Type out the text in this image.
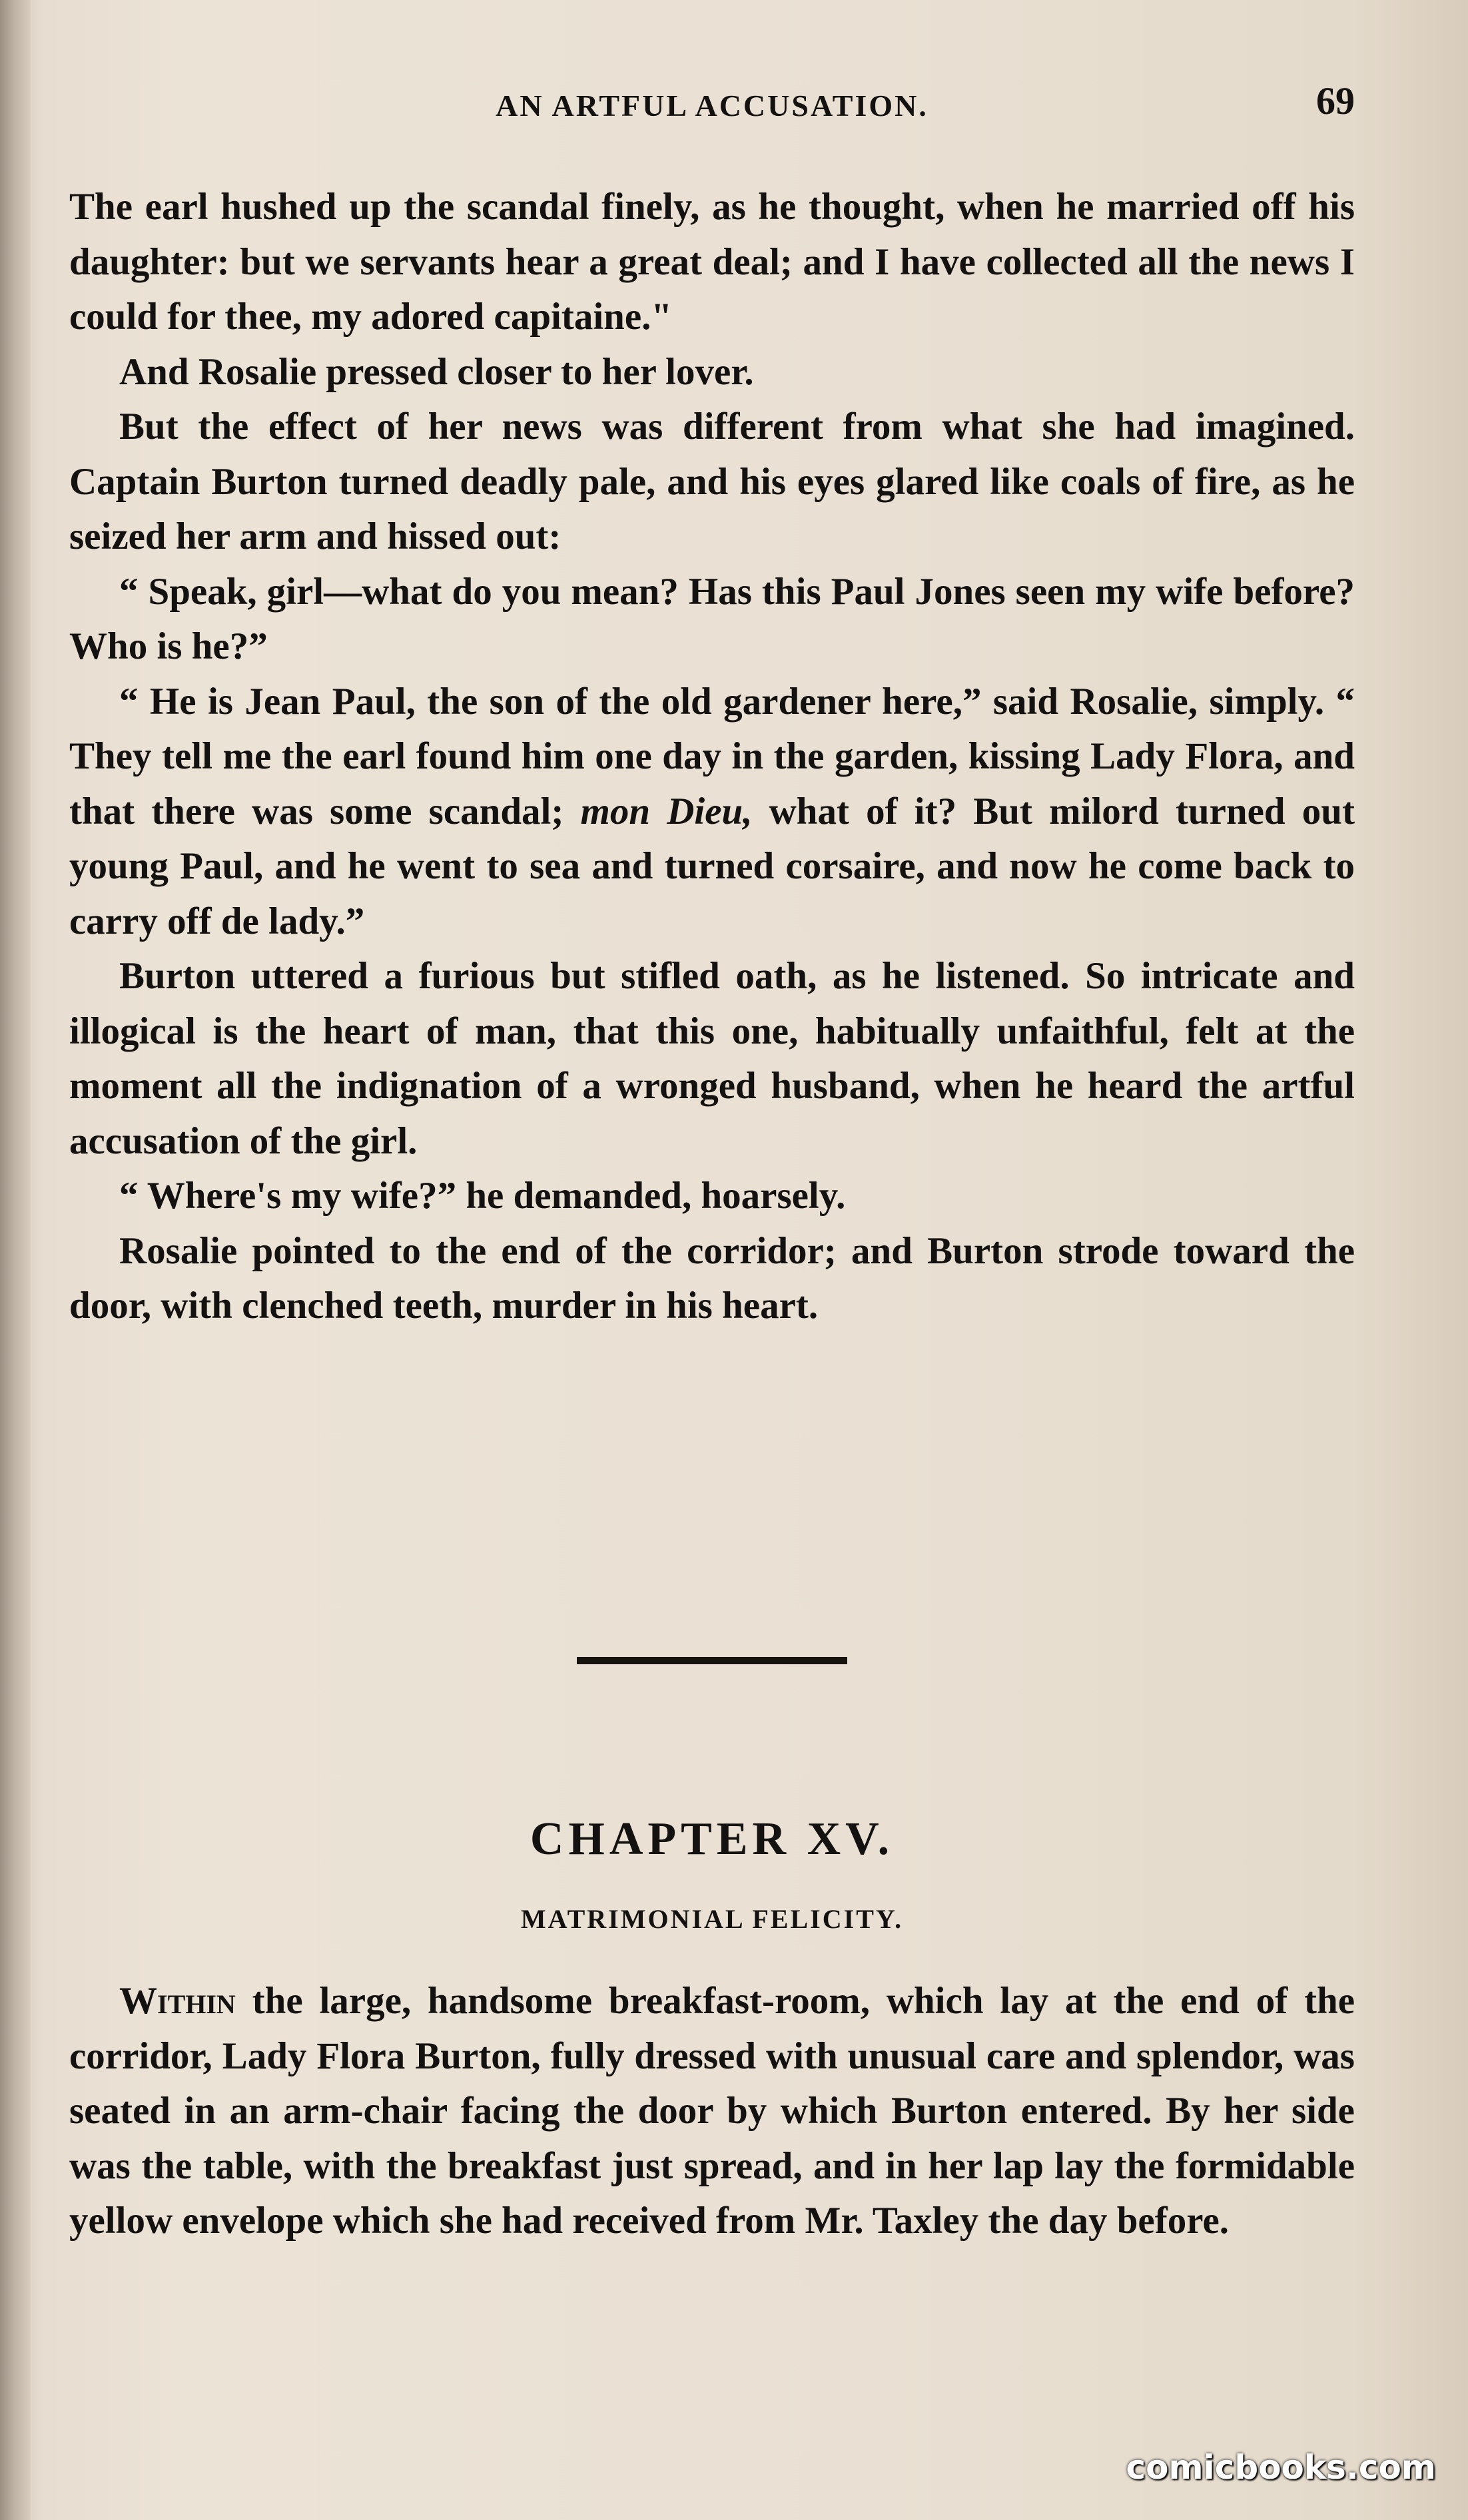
AN ARTFUL ACCUSATION.	69

The earl hushed up the scandal finely, as he thought, when he married off his daughter: but we servants hear a great deal; and I have collected all the news I could for thee, my adored capitaine."

And Rosalie pressed closer to her lover.

But the effect of her news was different from what she had imagined. Captain Burton turned deadly pale, and his eyes glared like coals of fire, as he seized her arm and hissed out:

“ Speak, girl—what do you mean? Has this Paul Jones seen my wife before? Who is he?”

“ He is Jean Paul, the son of the old gardener here,” said Rosalie, simply. “ They tell me the earl found him one day in the garden, kissing Lady Flora, and that there was some scandal; mon Dieu, what of it? But milord turned out young Paul, and he went to sea and turned corsaire, and now he come back to carry off de lady.”

Burton uttered a furious but stifled oath, as he listened. So intricate and illogical is the heart of man, that this one, habitually unfaithful, felt at the moment all the indignation of a wronged husband, when he heard the artful accusation of the girl.

“ Where's my wife?” he demanded, hoarsely.

Rosalie pointed to the end of the corridor; and Burton strode toward the door, with clenched teeth, murder in his heart.

CHAPTER XV.
MATRIMONIAL FELICITY.

Within the large, handsome breakfast-room, which lay at the end of the corridor, Lady Flora Burton, fully dressed with unusual care and splendor, was seated in an arm-chair facing the door by which Burton entered. By her side was the table, with the breakfast just spread, and in her lap lay the formidable yellow envelope which she had received from Mr. Taxley the day before.

comicbooks.com
